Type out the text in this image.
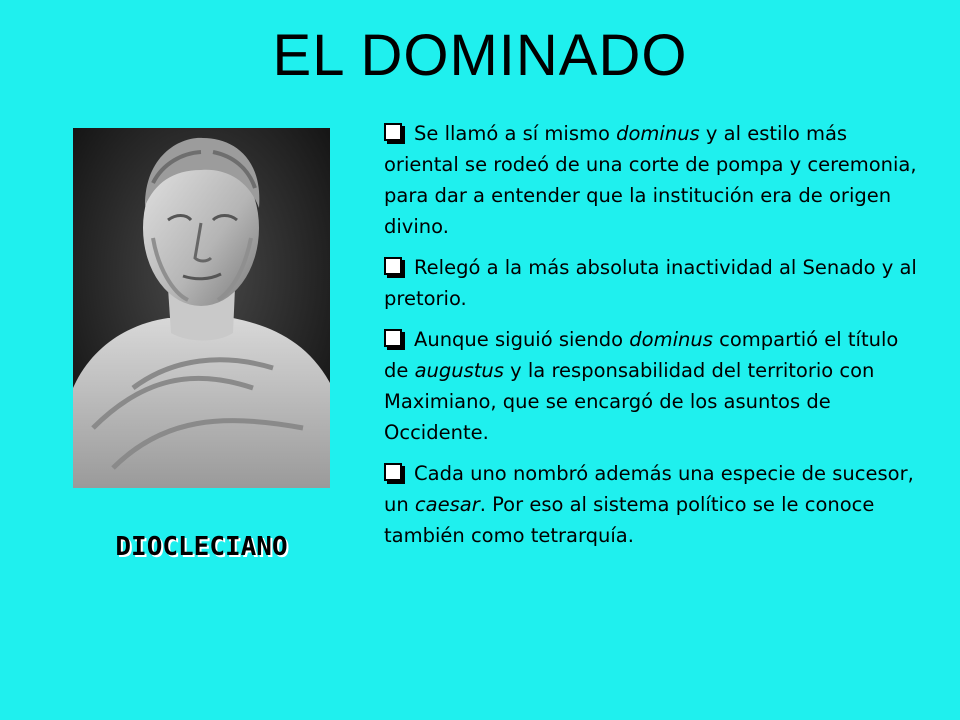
EL DOMINADO
DIOCLECIANO
Se llamó a sí mismo dominus y al estilo más oriental se rodeó de una corte de pompa y ceremonia, para dar a entender que la institución era de origen divino.
Relegó a la más absoluta inactividad al Senado y al pretorio.
Aunque siguió siendo dominus compartió el título de augustus y la responsabilidad del territorio con Maximiano, que se encargó de los asuntos de Occidente.
Cada uno nombró además una especie de sucesor, un caesar. Por eso al sistema político se le conoce también como tetrarquía.
